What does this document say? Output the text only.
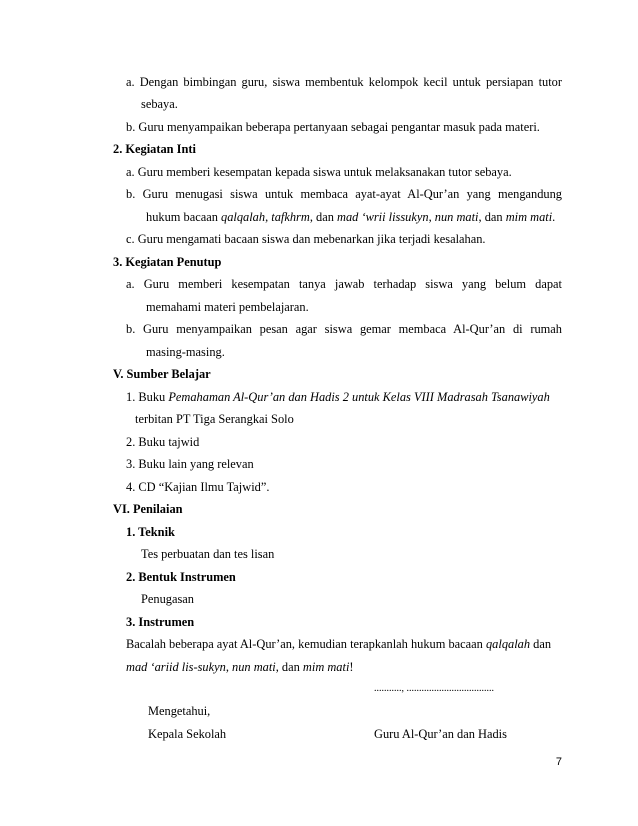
a. Dengan bimbingan guru, siswa membentuk kelompok kecil untuk persiapan tutor
sebaya.
b. Guru menyampaikan beberapa pertanyaan sebagai pengantar masuk pada materi.
2. Kegiatan Inti
a. Guru memberi kesempatan kepada siswa untuk melaksanakan tutor sebaya.
b. Guru menugasi siswa untuk membaca ayat-ayat Al-Qur’an yang mengandung
hukum bacaan qalqalah, tafkhrm, dan mad ‘wrii lissukyn, nun mati, dan mim mati.
c. Guru mengamati bacaan siswa dan mebenarkan jika terjadi kesalahan.
3. Kegiatan Penutup
a. Guru memberi kesempatan tanya jawab terhadap siswa yang belum dapat
memahami materi pembelajaran.
b. Guru menyampaikan pesan agar siswa gemar membaca Al-Qur’an di rumah
masing-masing.
V. Sumber Belajar
1. Buku Pemahaman Al-Qur’an dan Hadis 2 untuk Kelas VIII Madrasah Tsanawiyah
terbitan PT Tiga Serangkai Solo
2. Buku tajwid
3. Buku lain yang relevan
4. CD “Kajian Ilmu Tajwid”.
VI. Penilaian
1. Teknik
Tes perbuatan dan tes lisan
2. Bentuk Instrumen
Penugasan
3. Instrumen
Bacalah beberapa ayat Al-Qur’an, kemudian terapkanlah hukum bacaan qalqalah dan
mad ‘ariid lis-sukyn, nun mati, dan mim mati!
..........., ...................................
Mengetahui,
Kepala Sekolah	Guru Al-Qur’an dan Hadis
7
